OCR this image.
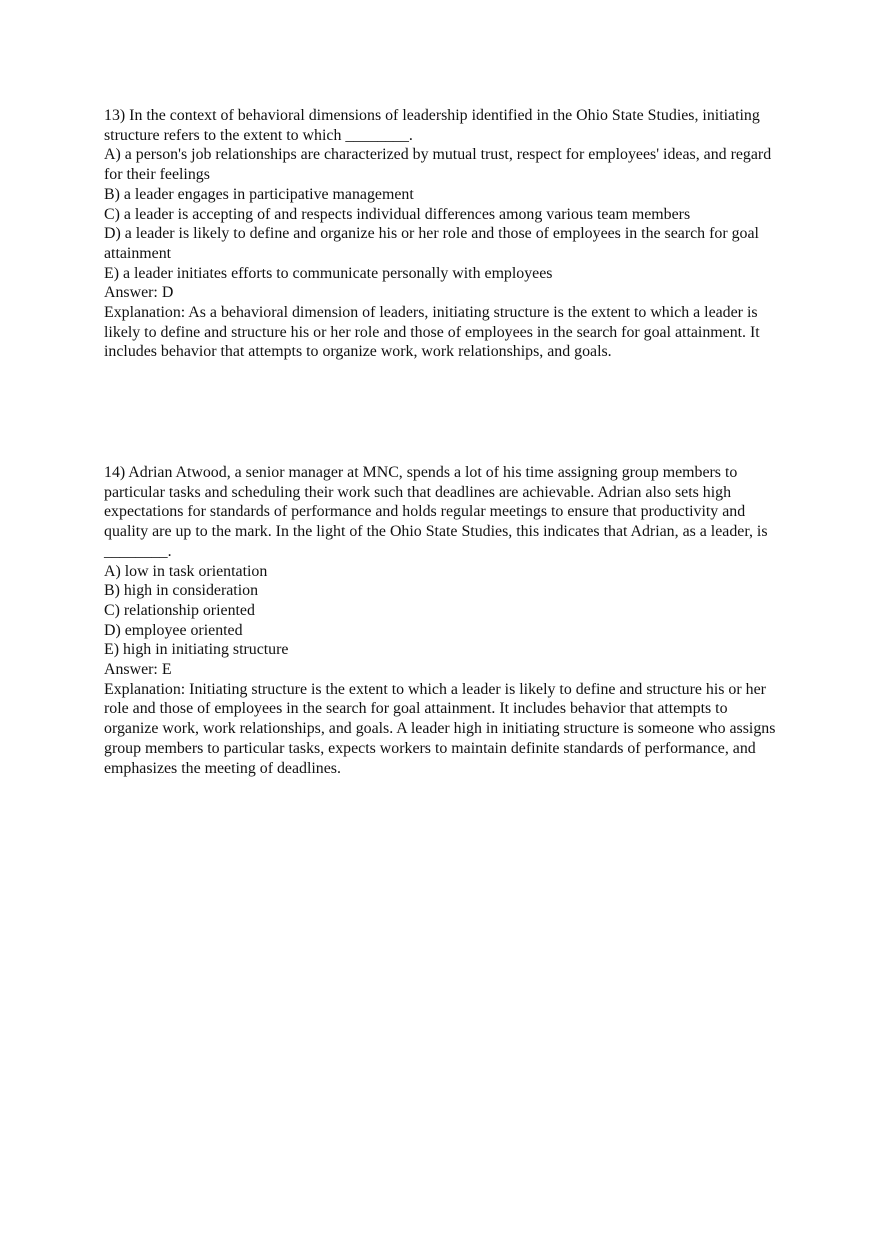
13) In the context of behavioral dimensions of leadership identified in the Ohio State Studies, initiating structure refers to the extent to which ________.

A) a person's job relationships are characterized by mutual trust, respect for employees' ideas, and regard for their feelings

B) a leader engages in participative management

C) a leader is accepting of and respects individual differences among various team members

D) a leader is likely to define and organize his or her role and those of employees in the search for goal attainment

E) a leader initiates efforts to communicate personally with employees

Answer: D

Explanation: As a behavioral dimension of leaders, initiating structure is the extent to which a leader is likely to define and structure his or her role and those of employees in the search for goal attainment. It includes behavior that attempts to organize work, work relationships, and goals.

14) Adrian Atwood, a senior manager at MNC, spends a lot of his time assigning group members to particular tasks and scheduling their work such that deadlines are achievable. Adrian also sets high expectations for standards of performance and holds regular meetings to ensure that productivity and quality are up to the mark. In the light of the Ohio State Studies, this indicates that Adrian, as a leader, is ________.

A) low in task orientation

B) high in consideration

C) relationship oriented

D) employee oriented

E) high in initiating structure

Answer: E

Explanation: Initiating structure is the extent to which a leader is likely to define and structure his or her role and those of employees in the search for goal attainment. It includes behavior that attempts to organize work, work relationships, and goals. A leader high in initiating structure is someone who assigns group members to particular tasks, expects workers to maintain definite standards of performance, and emphasizes the meeting of deadlines.
